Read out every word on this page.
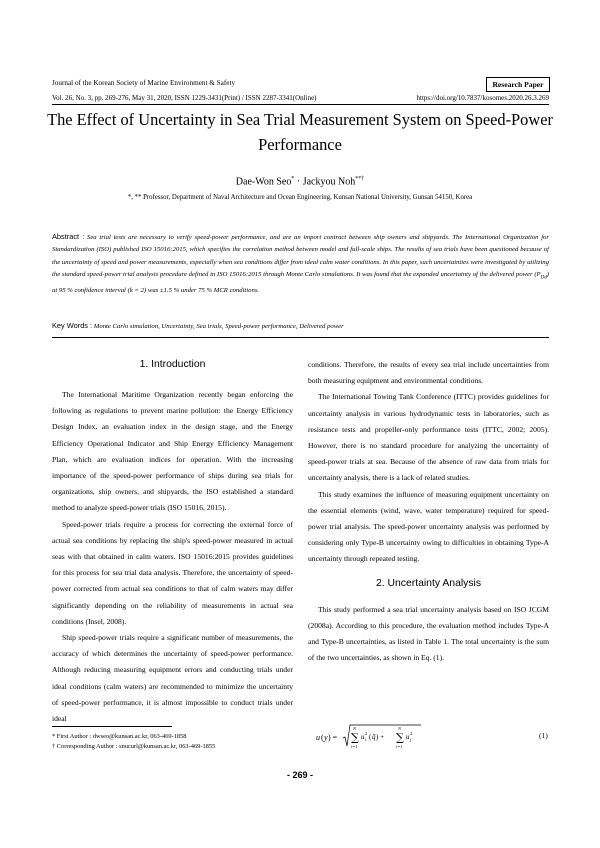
Journal of the Korean Society of Marine Environment & Safety	Research Paper
Vol. 26, No. 3, pp. 269-276, May 31, 2020, ISSN 1229-3431(Print) / ISSN 2287-3341(Online)	https://doi.org/10.7837/kosomes.2020.26.3.269
The Effect of Uncertainty in Sea Trial Measurement System on Speed-Power Performance
Dae-Won Seo* · Jackyou Noh**†
*, ** Professor, Department of Naval Architecture and Ocean Engineering, Kunsan National University, Gunsan 54150, Korea
Abstract : Sea trial tests are necessary to verify speed-power performance, and are an import contract between ship owners and shipyards. The International Organization for Standardization (ISO) published ISO 15016:2015, which specifies the correlation method between model and full-scale ships. The results of sea trials have been questioned because of the uncertainty of speed and power measurements, especially when sea conditions differ from ideal calm water conditions. In this paper, such uncertainties were investigated by utilizing the standard speed-power trial analysis procedure defined in ISO 15016:2015 through Monte Carlo simulations. It was found that the expanded uncertainty of the delivered power $(P_{Dd})$ at 95 % confidence interval (k = 2) was ±1.5 % under 75 % MCR conditions.
Key Words : Monte Carlo simulation, Uncertainty, Sea trials, Speed-power performance, Delivered power
1. Introduction

The International Maritime Organization recently began enforcing the following as regulations to prevent marine pollution: the Energy Efficiency Design Index, an evaluation index in the design stage, and the Energy Efficiency Operational Indicator and Ship Energy Efficiency Management Plan, which are evaluation indices for operation. With the increasing importance of the speed-power performance of ships during sea trials for organizations, ship owners, and shipyards, the ISO established a standard method to analyze speed-power trials (ISO 15016, 2015).

Speed-power trials require a process for correcting the external force of actual sea conditions by replacing the ship's speed-power measured in actual seas with that obtained in calm waters. ISO 15016:2015 provides guidelines for this process for sea trial data analysis. Therefore, the uncertainty of speed-power corrected from actual sea conditions to that of calm waters may differ significantly depending on the reliability of measurements in actual sea conditions (Insel, 2008).

Ship speed-power trials require a significant number of measurements, the accuracy of which determines the uncertainty of speed-power performance. Although reducing measuring equipment errors and conducting trials under ideal conditions (calm waters) are recommended to minimize the uncertainty of speed-power performance, it is almost impossible to conduct trials under ideal

conditions. Therefore, the results of every sea trial include uncertainties from both measuring equipment and environmental conditions.

The International Towing Tank Conference (ITTC) provides guidelines for uncertainty analysis in various hydrodynamic tests in laboratories, such as resistance tests and propeller-only performance tests (ITTC, 2002; 2005). However, there is no standard procedure for analyzing the uncertainty of speed-power trials at sea. Because of the absence of raw data from trials for uncertainty analysis, there is a lack of related studies.

This study examines the influence of measuring equipment uncertainty on the essential elements (wind, wave, water temperature) required for speed-power trial analysis. The speed-power uncertainty analysis was performed by considering only Type-B uncertainty owing to difficulties in obtaining Type-A uncertainty through repeated testing.

2. Uncertainty Analysis

This study performed a sea trial uncertainty analysis based on ISO JCGM (2008a). According to this procedure, the evaluation method includes Type-A and Type-B uncertainties, as listed in Table 1. The total uncertainty is the sum of the two uncertainties, as shown in Eq. (1).

u ( y ) =
N
∑
i=1
u 2
i ( q̄ ) +
N
∑
i=1
u 2
j	(1)
* First Author : dwseo@kunsan.ac.kr, 063-469-1858
† Corresponding Author : snucurl@kunsan.ac.kr, 063-469-1855
- 269 -
